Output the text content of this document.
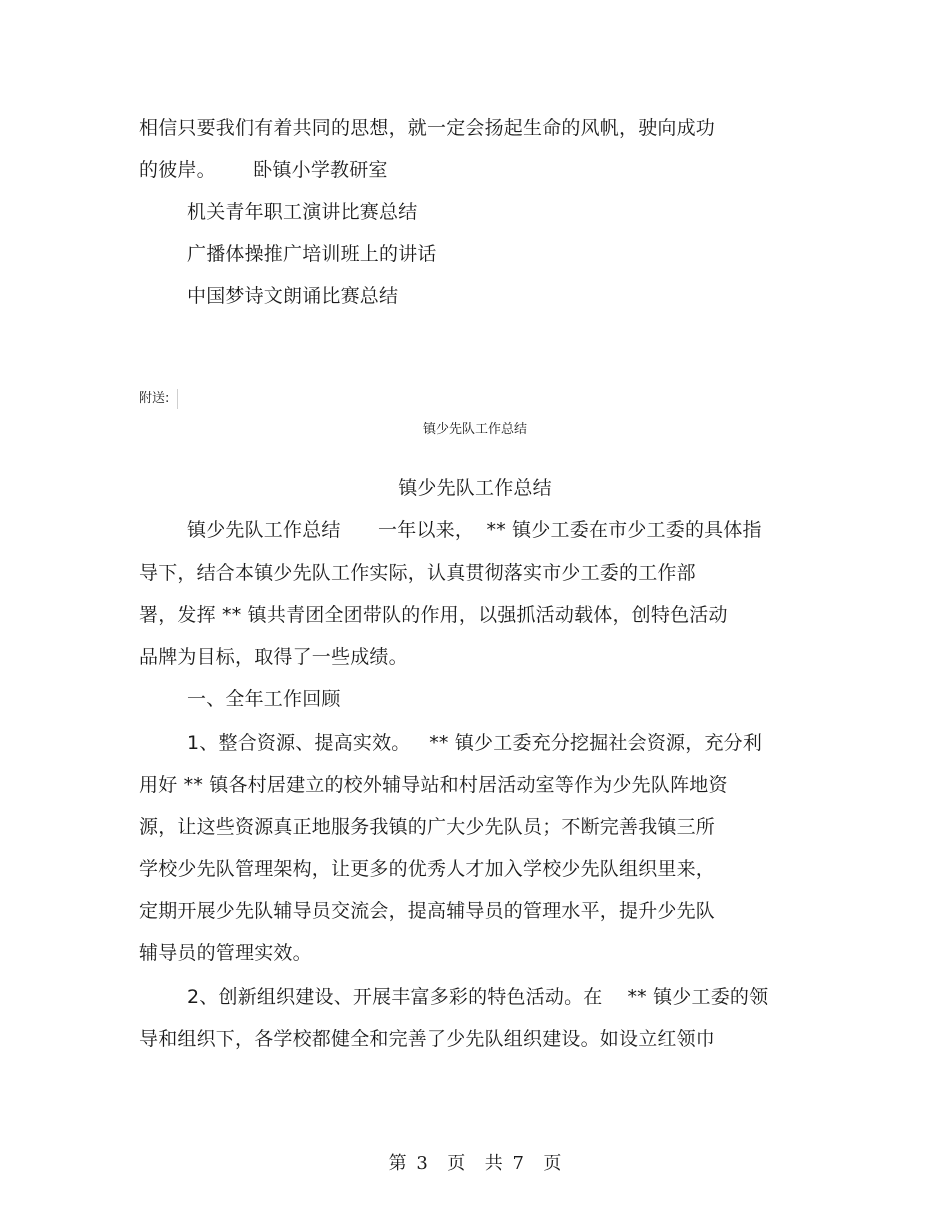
相信只要我们有着共同的思想，就一定会扬起生命的风帆，驶向成功
的彼岸。      卧镇小学教研室
机关青年职工演讲比赛总结
广播体操推广培训班上的讲话
中国梦诗文朗诵比赛总结
附送:
镇少先队工作总结
镇少先队工作总结
镇少先队工作总结      一年以来，  ** 镇少工委在市少工委的具体指
导下，结合本镇少先队工作实际，认真贯彻落实市少工委的工作部
署，发挥 ** 镇共青团全团带队的作用，以强抓活动载体，创特色活动
品牌为目标，取得了一些成绩。
一、全年工作回顾
1、整合资源、提高实效。   ** 镇少工委充分挖掘社会资源，充分利
用好 ** 镇各村居建立的校外辅导站和村居活动室等作为少先队阵地资
源，让这些资源真正地服务我镇的广大少先队员；不断完善我镇三所
学校少先队管理架构，让更多的优秀人才加入学校少先队组织里来，
定期开展少先队辅导员交流会，提高辅导员的管理水平，提升少先队
辅导员的管理实效。
2、创新组织建设、开展丰富多彩的特色活动。在    ** 镇少工委的领
导和组织下，各学校都健全和完善了少先队组织建设。如设立红领巾
第 3  页  共 7  页
